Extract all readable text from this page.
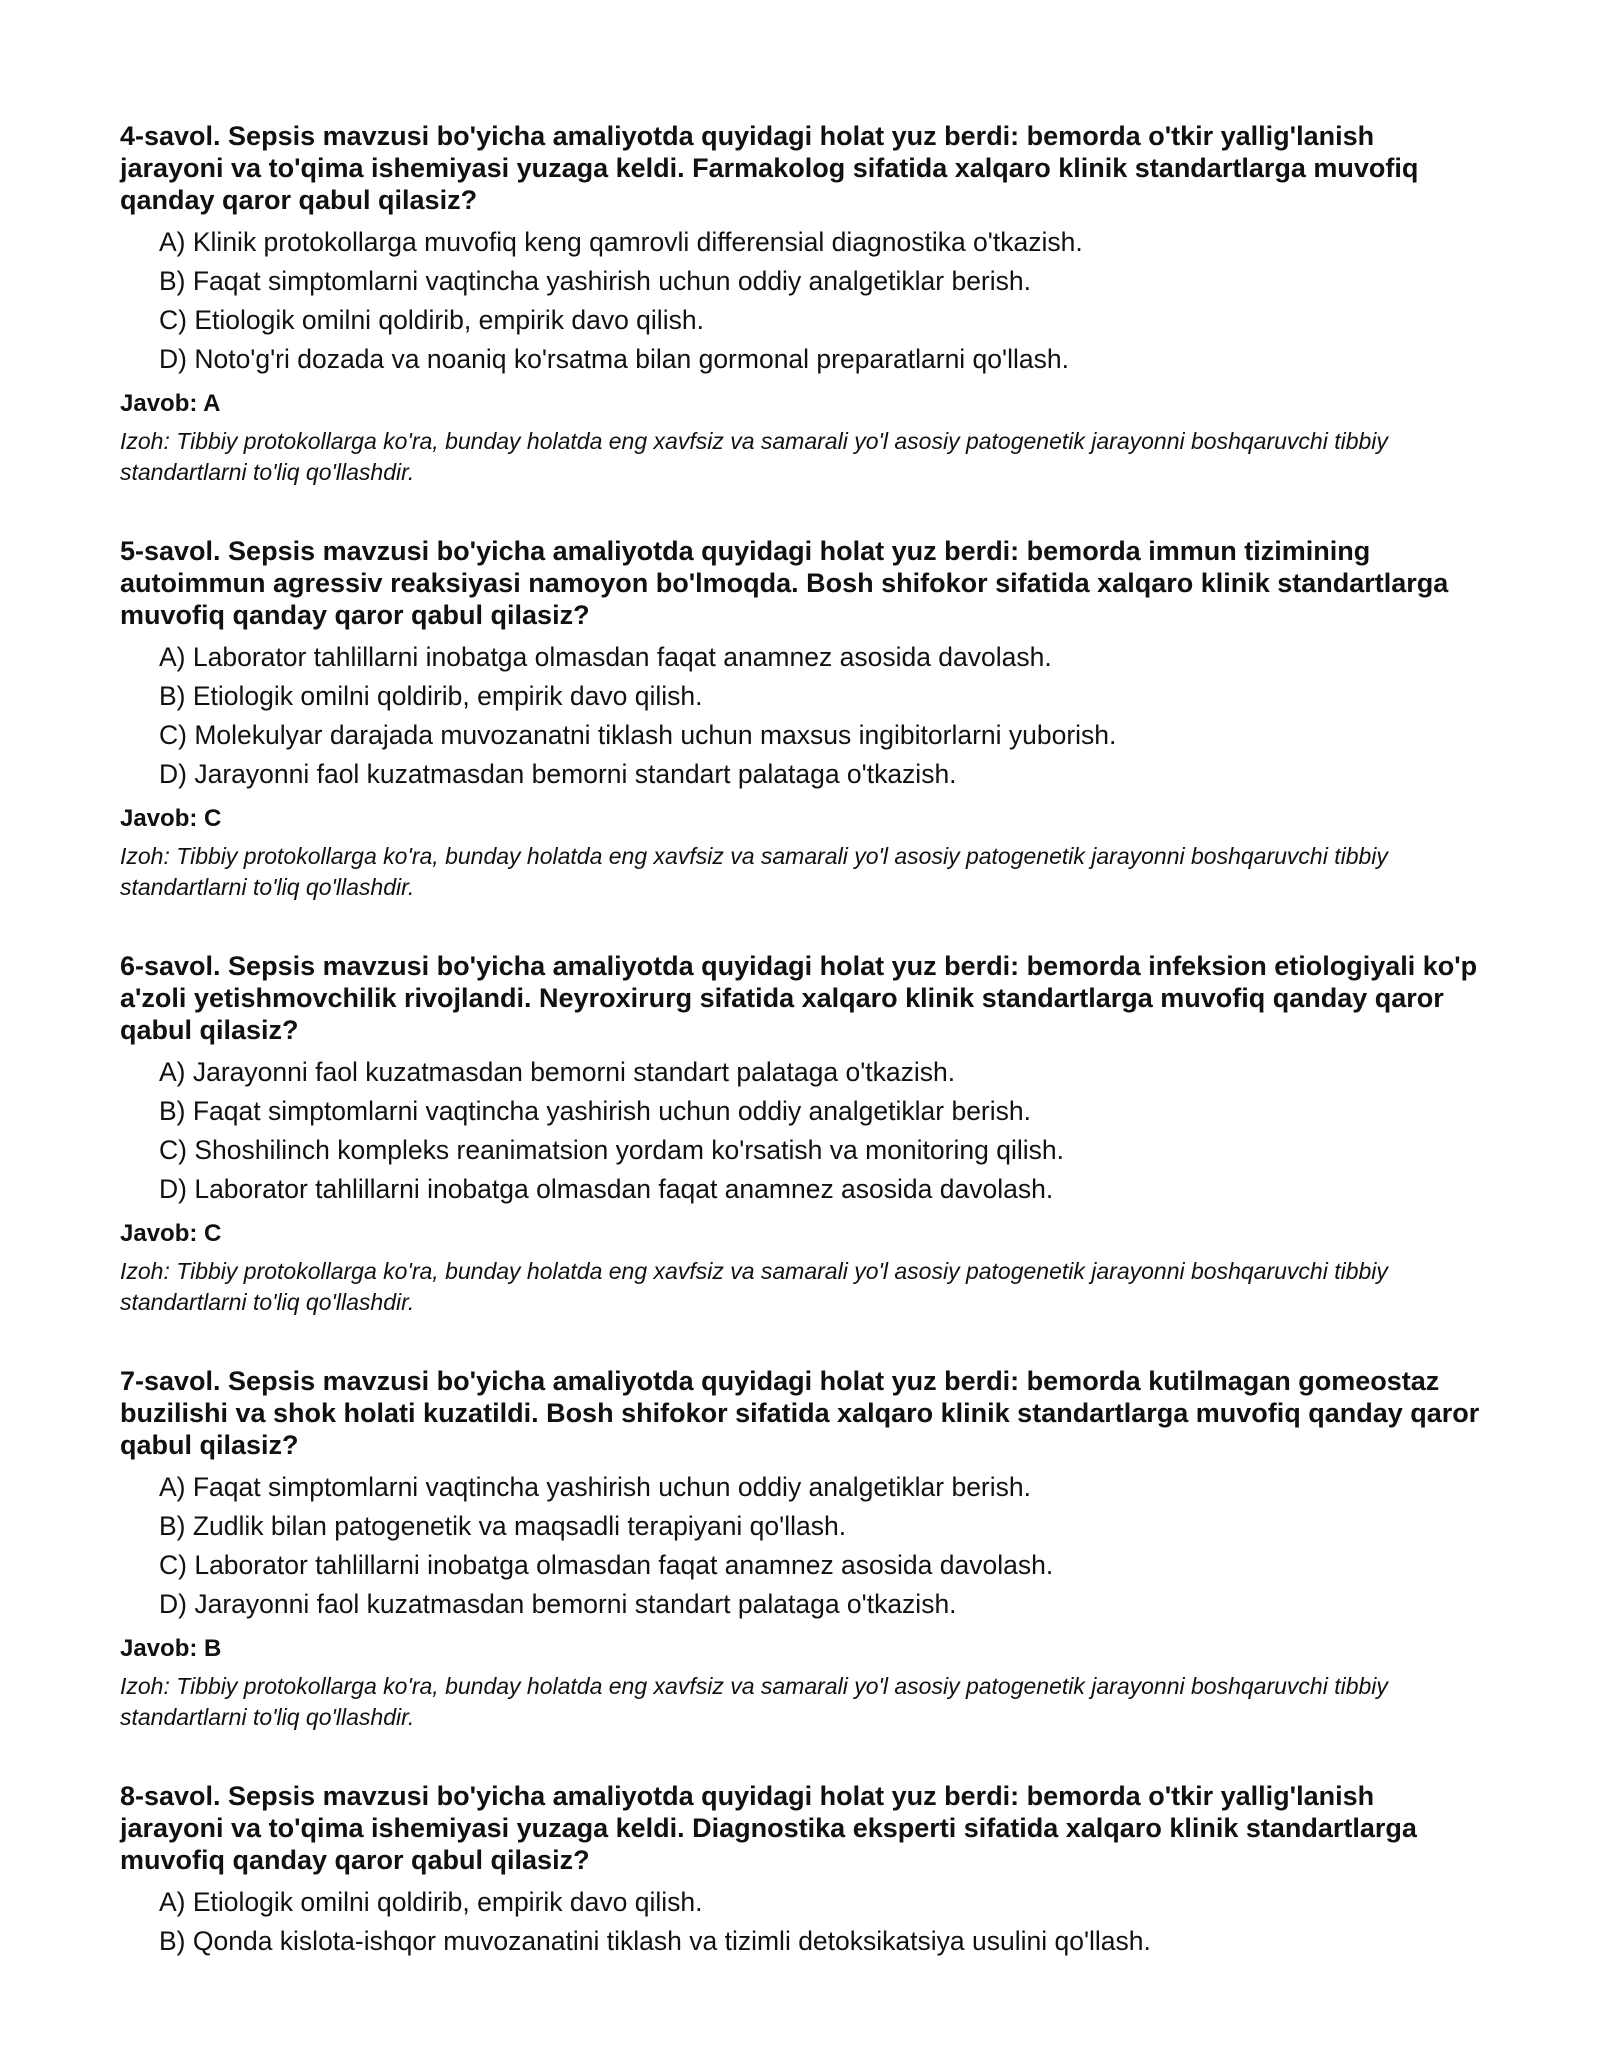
4-savol. Sepsis mavzusi bo'yicha amaliyotda quyidagi holat yuz berdi: bemorda o'tkir yallig'lanish jarayoni va to'qima ishemiyasi yuzaga keldi. Farmakolog sifatida xalqaro klinik standartlarga muvofiq qanday qaror qabul qilasiz?

A) Klinik protokollarga muvofiq keng qamrovli differensial diagnostika o'tkazish.
B) Faqat simptomlarni vaqtincha yashirish uchun oddiy analgetiklar berish.
C) Etiologik omilni qoldirib, empirik davo qilish.
D) Noto'g'ri dozada va noaniq ko'rsatma bilan gormonal preparatlarni qo'llash.

Javob: A

Izoh: Tibbiy protokollarga ko'ra, bunday holatda eng xavfsiz va samarali yo'l asosiy patogenetik jarayonni boshqaruvchi tibbiy standartlarni to'liq qo'llashdir.

5-savol. Sepsis mavzusi bo'yicha amaliyotda quyidagi holat yuz berdi: bemorda immun tizimining autoimmun agressiv reaksiyasi namoyon bo'lmoqda. Bosh shifokor sifatida xalqaro klinik standartlarga muvofiq qanday qaror qabul qilasiz?

A) Laborator tahlillarni inobatga olmasdan faqat anamnez asosida davolash.
B) Etiologik omilni qoldirib, empirik davo qilish.
C) Molekulyar darajada muvozanatni tiklash uchun maxsus ingibitorlarni yuborish.
D) Jarayonni faol kuzatmasdan bemorni standart palataga o'tkazish.

Javob: C

Izoh: Tibbiy protokollarga ko'ra, bunday holatda eng xavfsiz va samarali yo'l asosiy patogenetik jarayonni boshqaruvchi tibbiy standartlarni to'liq qo'llashdir.

6-savol. Sepsis mavzusi bo'yicha amaliyotda quyidagi holat yuz berdi: bemorda infeksion etiologiyali ko'p a'zoli yetishmovchilik rivojlandi. Neyroxirurg sifatida xalqaro klinik standartlarga muvofiq qanday qaror qabul qilasiz?

A) Jarayonni faol kuzatmasdan bemorni standart palataga o'tkazish.
B) Faqat simptomlarni vaqtincha yashirish uchun oddiy analgetiklar berish.
C) Shoshilinch kompleks reanimatsion yordam ko'rsatish va monitoring qilish.
D) Laborator tahlillarni inobatga olmasdan faqat anamnez asosida davolash.

Javob: C

Izoh: Tibbiy protokollarga ko'ra, bunday holatda eng xavfsiz va samarali yo'l asosiy patogenetik jarayonni boshqaruvchi tibbiy standartlarni to'liq qo'llashdir.

7-savol. Sepsis mavzusi bo'yicha amaliyotda quyidagi holat yuz berdi: bemorda kutilmagan gomeostaz buzilishi va shok holati kuzatildi. Bosh shifokor sifatida xalqaro klinik standartlarga muvofiq qanday qaror qabul qilasiz?

A) Faqat simptomlarni vaqtincha yashirish uchun oddiy analgetiklar berish.
B) Zudlik bilan patogenetik va maqsadli terapiyani qo'llash.
C) Laborator tahlillarni inobatga olmasdan faqat anamnez asosida davolash.
D) Jarayonni faol kuzatmasdan bemorni standart palataga o'tkazish.

Javob: B

Izoh: Tibbiy protokollarga ko'ra, bunday holatda eng xavfsiz va samarali yo'l asosiy patogenetik jarayonni boshqaruvchi tibbiy standartlarni to'liq qo'llashdir.

8-savol. Sepsis mavzusi bo'yicha amaliyotda quyidagi holat yuz berdi: bemorda o'tkir yallig'lanish jarayoni va to'qima ishemiyasi yuzaga keldi. Diagnostika eksperti sifatida xalqaro klinik standartlarga muvofiq qanday qaror qabul qilasiz?

A) Etiologik omilni qoldirib, empirik davo qilish.
B) Qonda kislota-ishqor muvozanatini tiklash va tizimli detoksikatsiya usulini qo'llash.
